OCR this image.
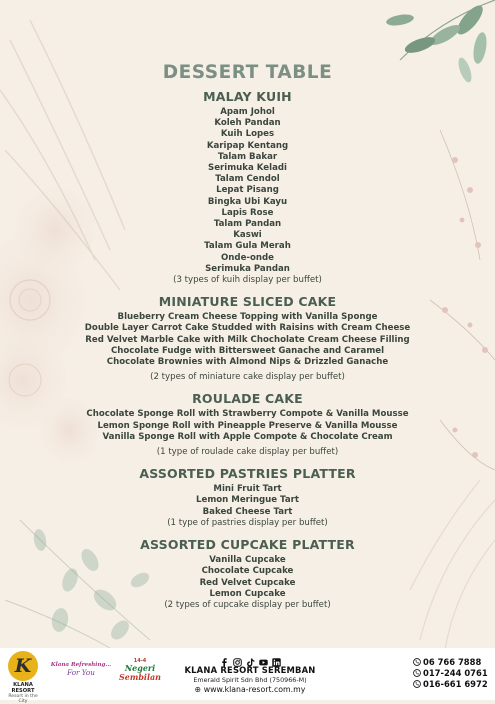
DESSERT TABLE
MALAY KUIH
Apam Johol
Koleh Pandan
Kuih Lopes
Karipap Kentang
Talam Bakar
Serimuka Keladi
Talam Cendol
Lepat Pisang
Bingka Ubi Kayu
Lapis Rose
Talam Pandan
Kaswi
Talam Gula Merah
Onde-onde
Serimuka Pandan
(3 types of kuih display per buffet)
MINIATURE SLICED CAKE
Blueberry Cream Cheese Topping with Vanilla Sponge
Double Layer Carrot Cake Studded with Raisins with Cream Cheese
Red Velvet Marble Cake with Milk Chocholate Cream Cheese Filling
Chocolate Fudge with Bittersweet Ganache and Caramel
Chocolate Brownies with Almond Nips & Drizzled Ganache
(2 types of miniature cake display per buffet)
ROULADE CAKE
Chocolate Sponge Roll with Strawberry Compote & Vanilla Mousse
Lemon Sponge Roll with Pineapple Preserve & Vanilla Mousse
Vanilla Sponge Roll with Apple Compote & Chocolate Cream
(1 type of roulade cake display per buffet)
ASSORTED PASTRIES PLATTER
Mini Fruit Tart
Lemon Meringue Tart
Baked Cheese Tart
(1 type of pastries display per buffet)
ASSORTED CUPCAKE PLATTER
Vanilla Cupcake
Chocolate Cupcake
Red Velvet Cupcake
Lemon Cupcake
(2 types of cupcake display per buffet)
K
KLANA RESORT
Resort in the City
Klana Refreshing...
For You
14-4
Negeri
Sembilan
KLANA RESORT SEREMBAN
Emerald Spirit Sdn Bhd (750966-M)
⊕ www.klana-resort.com.my
06 766 7888
017-244 0761
016-661 6972
